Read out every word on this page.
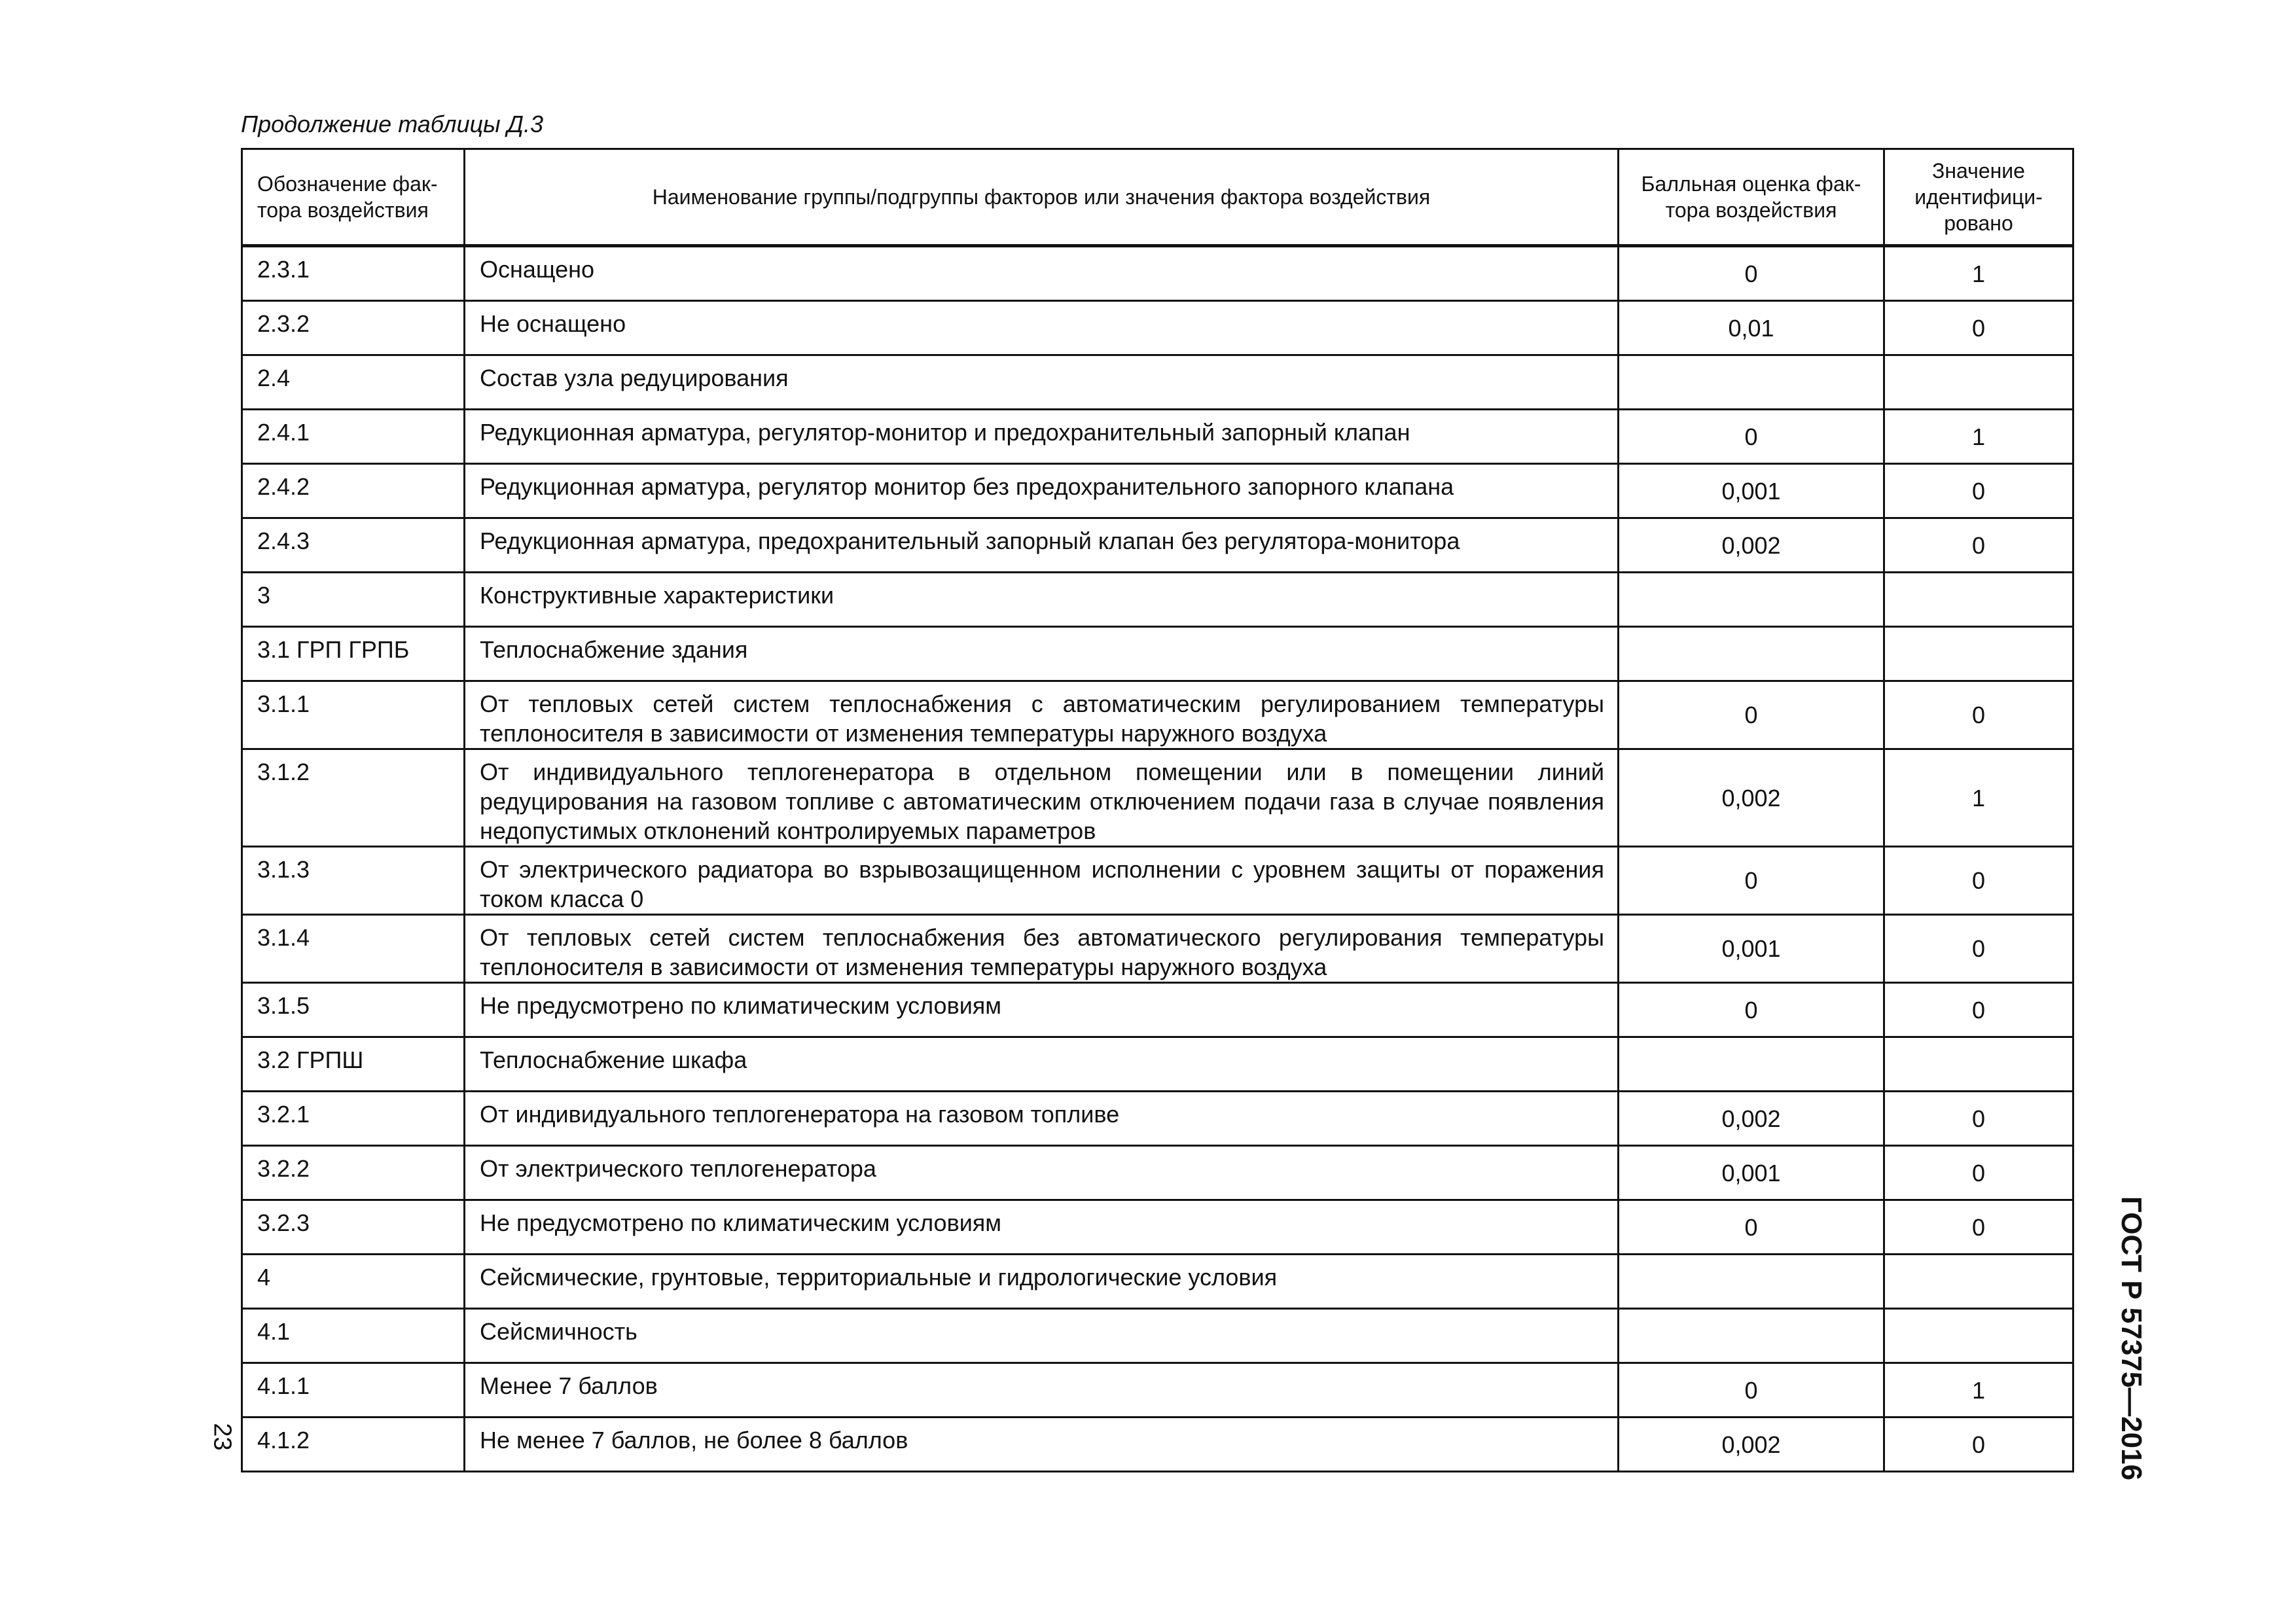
Продолжение таблицы Д.3
Обозначение фак-тора воздействия	Наименование группы/подгруппы факторов или значения фактора воздействия	Балльная оценка фак-тора воздействия	Значение идентифици-ровано
2.3.1	Оснащено	0	1
2.3.2	Не оснащено	0,01	0
2.4	Состав узла редуцирования		
2.4.1	Редукционная арматура, регулятор-монитор и предохранительный запорный клапан	0	1
2.4.2	Редукционная арматура, регулятор монитор без предохранительного запорного клапана	0,001	0
2.4.3	Редукционная арматура, предохранительный запорный клапан без регулятора-монитора	0,002	0
3	Конструктивные характеристики		
3.1 ГРП ГРПБ	Теплоснабжение здания		
3.1.1	От тепловых сетей систем теплоснабжения с автоматическим регулированием температуры теплоносителя в зависимости от изменения температуры наружного воздуха	0	0
3.1.2	От индивидуального теплогенератора в отдельном помещении или в помещении линий редуцирования на газовом топливе с автоматическим отключением подачи газа в случае появления недопустимых отклонений контролируемых параметров	0,002	1
3.1.3	От электрического радиатора во взрывозащищенном исполнении с уровнем защиты от поражения током класса 0	0	0
3.1.4	От тепловых сетей систем теплоснабжения без автоматического регулирования температуры теплоносителя в зависимости от изменения температуры наружного воздуха	0,001	0
3.1.5	Не предусмотрено по климатическим условиям	0	0
3.2 ГРПШ	Теплоснабжение шкафа		
3.2.1	От индивидуального теплогенератора на газовом топливе	0,002	0
3.2.2	От электрического теплогенератора	0,001	0
3.2.3	Не предусмотрено по климатическим условиям	0	0
4	Сейсмические, грунтовые, территориальные и гидрологические условия		
4.1	Сейсмичность		
4.1.1	Менее 7 баллов	0	1
4.1.2	Не менее 7 баллов, не более 8 баллов	0,002	0
23	ГОСТ Р 57375—2016
